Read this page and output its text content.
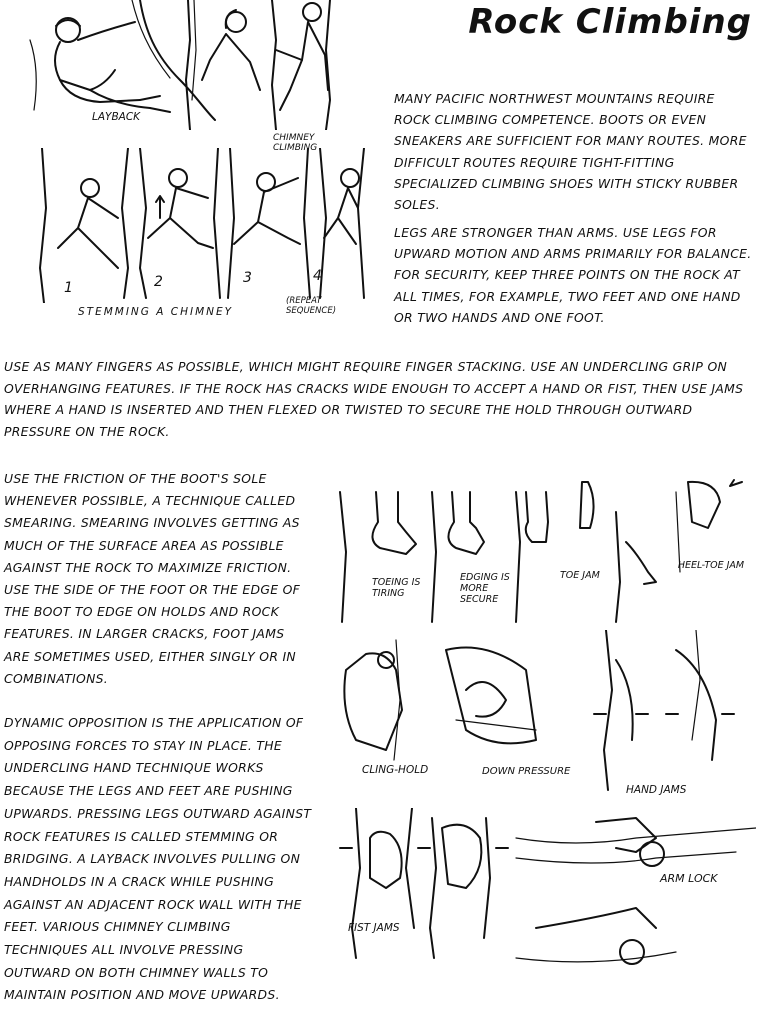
Rock Climbing

MANY PACIFIC NORTHWEST MOUNTAINS REQUIRE ROCK CLIMBING COMPETENCE. BOOTS OR EVEN SNEAKERS ARE SUFFICIENT FOR MANY ROUTES. MORE DIFFICULT ROUTES REQUIRE TIGHT-FITTING SPECIALIZED CLIMBING SHOES WITH STICKY RUBBER SOLES.

LEGS ARE STRONGER THAN ARMS. USE LEGS FOR UPWARD MOTION AND ARMS PRIMARILY FOR BALANCE. FOR SECURITY, KEEP THREE POINTS ON THE ROCK AT ALL TIMES, FOR EXAMPLE, TWO FEET AND ONE HAND OR TWO HANDS AND ONE FOOT.

USE AS MANY FINGERS AS POSSIBLE, WHICH MIGHT REQUIRE FINGER STACKING. USE AN UNDERCLING GRIP ON OVERHANGING FEATURES. IF THE ROCK HAS CRACKS WIDE ENOUGH TO ACCEPT A HAND OR FIST, THEN USE JAMS WHERE A HAND IS INSERTED AND THEN FLEXED OR TWISTED TO SECURE THE HOLD THROUGH OUTWARD PRESSURE ON THE ROCK.

USE THE FRICTION OF THE BOOT'S SOLE WHENEVER POSSIBLE, A TECHNIQUE CALLED SMEARING. SMEARING INVOLVES GETTING AS MUCH OF THE SURFACE AREA AS POSSIBLE AGAINST THE ROCK TO MAXIMIZE FRICTION. USE THE SIDE OF THE FOOT OR THE EDGE OF THE BOOT TO EDGE ON HOLDS AND ROCK FEATURES. IN LARGER CRACKS, FOOT JAMS ARE SOMETIMES USED, EITHER SINGLY OR IN COMBINATIONS.

DYNAMIC OPPOSITION IS THE APPLICATION OF OPPOSING FORCES TO STAY IN PLACE. THE UNDERCLING HAND TECHNIQUE WORKS BECAUSE THE LEGS AND FEET ARE PUSHING UPWARDS. PRESSING LEGS OUTWARD AGAINST ROCK FEATURES IS CALLED STEMMING OR BRIDGING. A LAYBACK INVOLVES PULLING ON HANDHOLDS IN A CRACK WHILE PUSHING AGAINST AN ADJACENT ROCK WALL WITH THE FEET. VARIOUS CHIMNEY CLIMBING TECHNIQUES ALL INVOLVE PRESSING OUTWARD ON BOTH CHIMNEY WALLS TO MAINTAIN POSITION AND MOVE UPWARDS.

LAYBACK

CHIMNEY CLIMBING

1	2	3	4

STEMMING A CHIMNEY

(REPEAT SEQUENCE)

TOEING IS TIRING

EDGING IS MORE SECURE

TOE JAM

HEEL-TOE JAM

CLING-HOLD	DOWN PRESSURE

HAND JAMS

FIST JAMS

ARM LOCK
